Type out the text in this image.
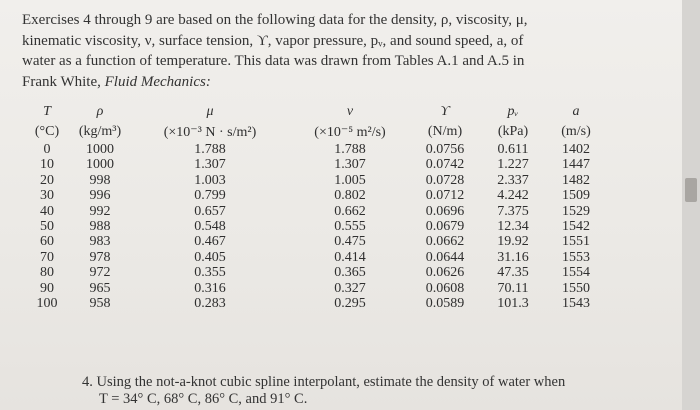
Exercises 4 through 9 are based on the following data for the density, ρ, viscosity, μ,
kinematic viscosity, ν, surface tension, ϒ, vapor pressure, pᵥ, and sound speed, a, of
water as a function of temperature. This data was drawn from Tables A.1 and A.5 in
Frank White, Fluid Mechanics:
T	ρ	μ	ν	ϒ	pᵥ	a
(°C)	(kg/m³)	(×10⁻³ N · s/m²)	(×10⁻⁵ m²/s)	(N/m)	(kPa)	(m/s)
0	1000	1.788	1.788	0.0756	0.611	1402
10	1000	1.307	1.307	0.0742	1.227	1447
20	998	1.003	1.005	0.0728	2.337	1482
30	996	0.799	0.802	0.0712	4.242	1509
40	992	0.657	0.662	0.0696	7.375	1529
50	988	0.548	0.555	0.0679	12.34	1542
60	983	0.467	0.475	0.0662	19.92	1551
70	978	0.405	0.414	0.0644	31.16	1553
80	972	0.355	0.365	0.0626	47.35	1554
90	965	0.316	0.327	0.0608	70.11	1550
100	958	0.283	0.295	0.0589	101.3	1543
4. Using the not-a-knot cubic spline interpolant, estimate the density of water when
T = 34° C, 68° C, 86° C, and 91° C.
